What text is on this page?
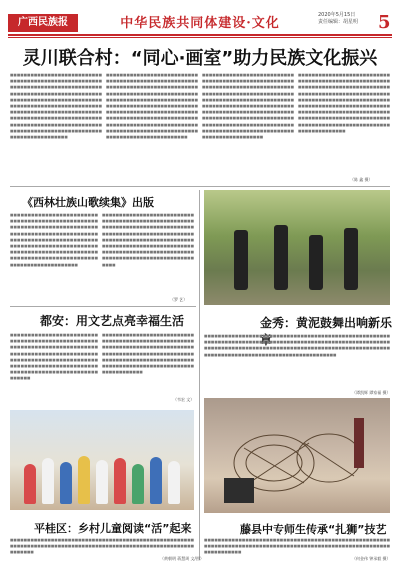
广西民族报	中华民族共同体建设·文化
2020年5月15日
责任编辑：胡星明 5
灵川联合村：“同心·画室”助力民族文化振兴
■■■■■■■■■■■■■■■■■■■■■■■■■■■■■■■■■■■■■■■■■■■■■■■■■■■■■■■■■■■■■■■■■■■■■■■■■■■■■■■■■■■■■■■■■■■■■■■■■■■■■■■■■■■■■■■■■■■■■■■■■■■■■■■■■■■■■■■■■■■■■■■■■■■■■■■■■■■■■■■■■■■■■■■■■■■■■■■■■■■■■■■■■■■■■■■■■■■■■■■■■■■■■■■■■■■■■■■■■■■■■■■■■■■■■■■■■■■■■■■■■■■■■■■■■■■■■■■■■■■■■■■■■■■■■■■■■■■■■■■■■■■■■■■
■■■■■■■■■■■■■■■■■■■■■■■■■■■■■■■■■■■■■■■■■■■■■■■■■■■■■■■■■■■■■■■■■■■■■■■■■■■■■■■■■■■■■■■■■■■■■■■■■■■■■■■■■■■■■■■■■■■■■■■■■■■■■■■■■■■■■■■■■■■■■■■■■■■■■■■■■■■■■■■■■■■■■■■■■■■■■■■■■■■■■■■■■■■■■■■■■■■■■■■■■■■■■■■■■■■■■■■■■■■■■■■■■■■■■■■■■■■■■■■■■■■■■■■■■■■■■■■■■■■■■■■■■■■■■■■■■■■■■■■■■■■■■■■■■■■■■■
■■■■■■■■■■■■■■■■■■■■■■■■■■■■■■■■■■■■■■■■■■■■■■■■■■■■■■■■■■■■■■■■■■■■■■■■■■■■■■■■■■■■■■■■■■■■■■■■■■■■■■■■■■■■■■■■■■■■■■■■■■■■■■■■■■■■■■■■■■■■■■■■■■■■■■■■■■■■■■■■■■■■■■■■■■■■■■■■■■■■■■■■■■■■■■■■■■■■■■■■■■■■■■■■■■■■■■■■■■■■■■■■■■■■■■■■■■■■■■■■■■■■■■■■■■■■■■■■■■■■■■■■■■■■■■■■■■■■■■■■■■■■■■■■
■■■■■■■■■■■■■■■■■■■■■■■■■■■■■■■■■■■■■■■■■■■■■■■■■■■■■■■■■■■■■■■■■■■■■■■■■■■■■■■■■■■■■■■■■■■■■■■■■■■■■■■■■■■■■■■■■■■■■■■■■■■■■■■■■■■■■■■■■■■■■■■■■■■■■■■■■■■■■■■■■■■■■■■■■■■■■■■■■■■■■■■■■■■■■■■■■■■■■■■■■■■■■■■■■■■■■■■■■■■■■■■■■■■■■■■■■■■■■■■■■■■■■■■■■■■■■■■■■
（陈 鑫 摄）
《西林壮族山歌续集》出版
■■■■■■■■■■■■■■■■■■■■■■■■■■■■■■■■■■■■■■■■■■■■■■■■■■■■■■■■■■■■■■■■■■■■■■■■■■■■■■■■■■■■■■■■■■■■■■■■■■■■■■■■■■■■■■■■■■■■■■■■■■■■■■■■■■■■■■■■■■■■■■■■■■■■■■■■■■■■■■■■■■■■■■■■■■■■■■■■■■■■■■■■■■■■■■■■■■■■■■■■■■■■■■■■■■■■■■■■■■■■
■■■■■■■■■■■■■■■■■■■■■■■■■■■■■■■■■■■■■■■■■■■■■■■■■■■■■■■■■■■■■■■■■■■■■■■■■■■■■■■■■■■■■■■■■■■■■■■■■■■■■■■■■■■■■■■■■■■■■■■■■■■■■■■■■■■■■■■■■■■■■■■■■■■■■■■■■■■■■■■■■■■■■■■■■■■■■■■■■■■■■■■■■■■■■■■■■■■■■■■■■■■■■■■■■■■■■■■■■■■■
（罗 艺）
都安：用文艺点亮幸福生活
■■■■■■■■■■■■■■■■■■■■■■■■■■■■■■■■■■■■■■■■■■■■■■■■■■■■■■■■■■■■■■■■■■■■■■■■■■■■■■■■■■■■■■■■■■■■■■■■■■■■■■■■■■■■■■■■■■■■■■■■■■■■■■■■■■■■■■■■■■■■■■■■■■■■■■■■■■■■■■■■■■■■■■■■■■■■■■■■■■■■■
■■■■■■■■■■■■■■■■■■■■■■■■■■■■■■■■■■■■■■■■■■■■■■■■■■■■■■■■■■■■■■■■■■■■■■■■■■■■■■■■■■■■■■■■■■■■■■■■■■■■■■■■■■■■■■■■■■■■■■■■■■■■■■■■■■■■■■■■■■■■■■■■■■■■■■■■■■■■■■■■■■■■■■■■■■■■■■
（韦宏 文）
平桂区：乡村儿童阅读“活”起来
■■■■■■■■■■■■■■■■■■■■■■■■■■■■■■■■■■■■■■■■■■■■■■■■■■■■■■■■■■■■■■■■■■■■■■■■■■■■■■■■■■■■■■■■■■■■■■■■■■■■■■■■■■■■■■■■■■■
（黄朝明 蒋慧周 文/图）
金秀：黄泥鼓舞出响新乐章
■■■■■■■■■■■■■■■■■■■■■■■■■■■■■■■■■■■■■■■■■■■■■■■■■■■■■■■■■■■■■■■■■■■■■■■■■■■■■■■■■■■■■■■■■■■■■■■■■■■■■■■■■■■■■■■■■■■■■■■■■■■■■■■■■■■■■■■■■■■■■■■■■■■■■■■■■■■■■■■■■■■■■■■■■■■■■■■■■■■■■■■■■■■■■■■■■■■■■■■■■
（谭凯辉 谭家福 摄）
藤县中专师生传承“扎狮”技艺
■■■■■■■■■■■■■■■■■■■■■■■■■■■■■■■■■■■■■■■■■■■■■■■■■■■■■■■■■■■■■■■■■■■■■■■■■■■■■■■■■■■■■■■■■■■■■■■■■■■■■■■■■■■■■■■■■■■■■■■
（何金伟 钟承毅 摄）
